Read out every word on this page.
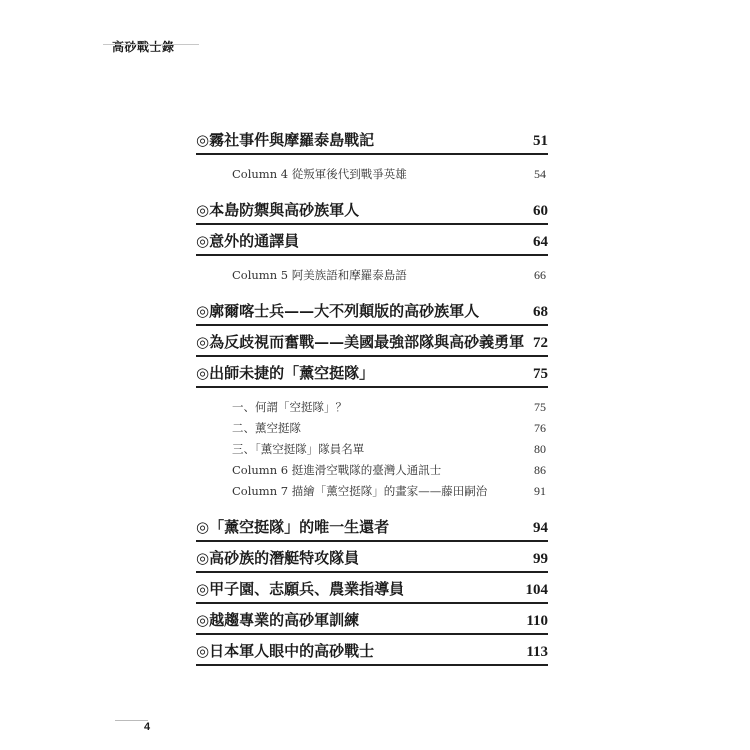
高砂戰士錄
◎霧社事件與摩羅泰島戰記	51
Column 4 從叛軍後代到戰爭英雄	54
◎本島防禦與高砂族軍人	60
◎意外的通譯員	64
Column 5 阿美族語和摩羅泰島語	66
◎廓爾喀士兵——大不列顛版的高砂族軍人	68
◎為反歧視而奮戰——美國最強部隊與高砂義勇軍 72
◎出師未捷的「薰空挺隊」	75
一、何謂「空挺隊」？	75
二、薰空挺隊	76
三、「薰空挺隊」隊員名單	80
Column 6 挺進滑空戰隊的臺灣人通訊士	86
Column 7 描繪「薰空挺隊」的畫家——藤田嗣治	91
◎「薰空挺隊」的唯一生還者	94
◎高砂族的潛艇特攻隊員	99
◎甲子園、志願兵、農業指導員	104
◎越趨專業的高砂軍訓練	110
◎日本軍人眼中的高砂戰士	113
4
